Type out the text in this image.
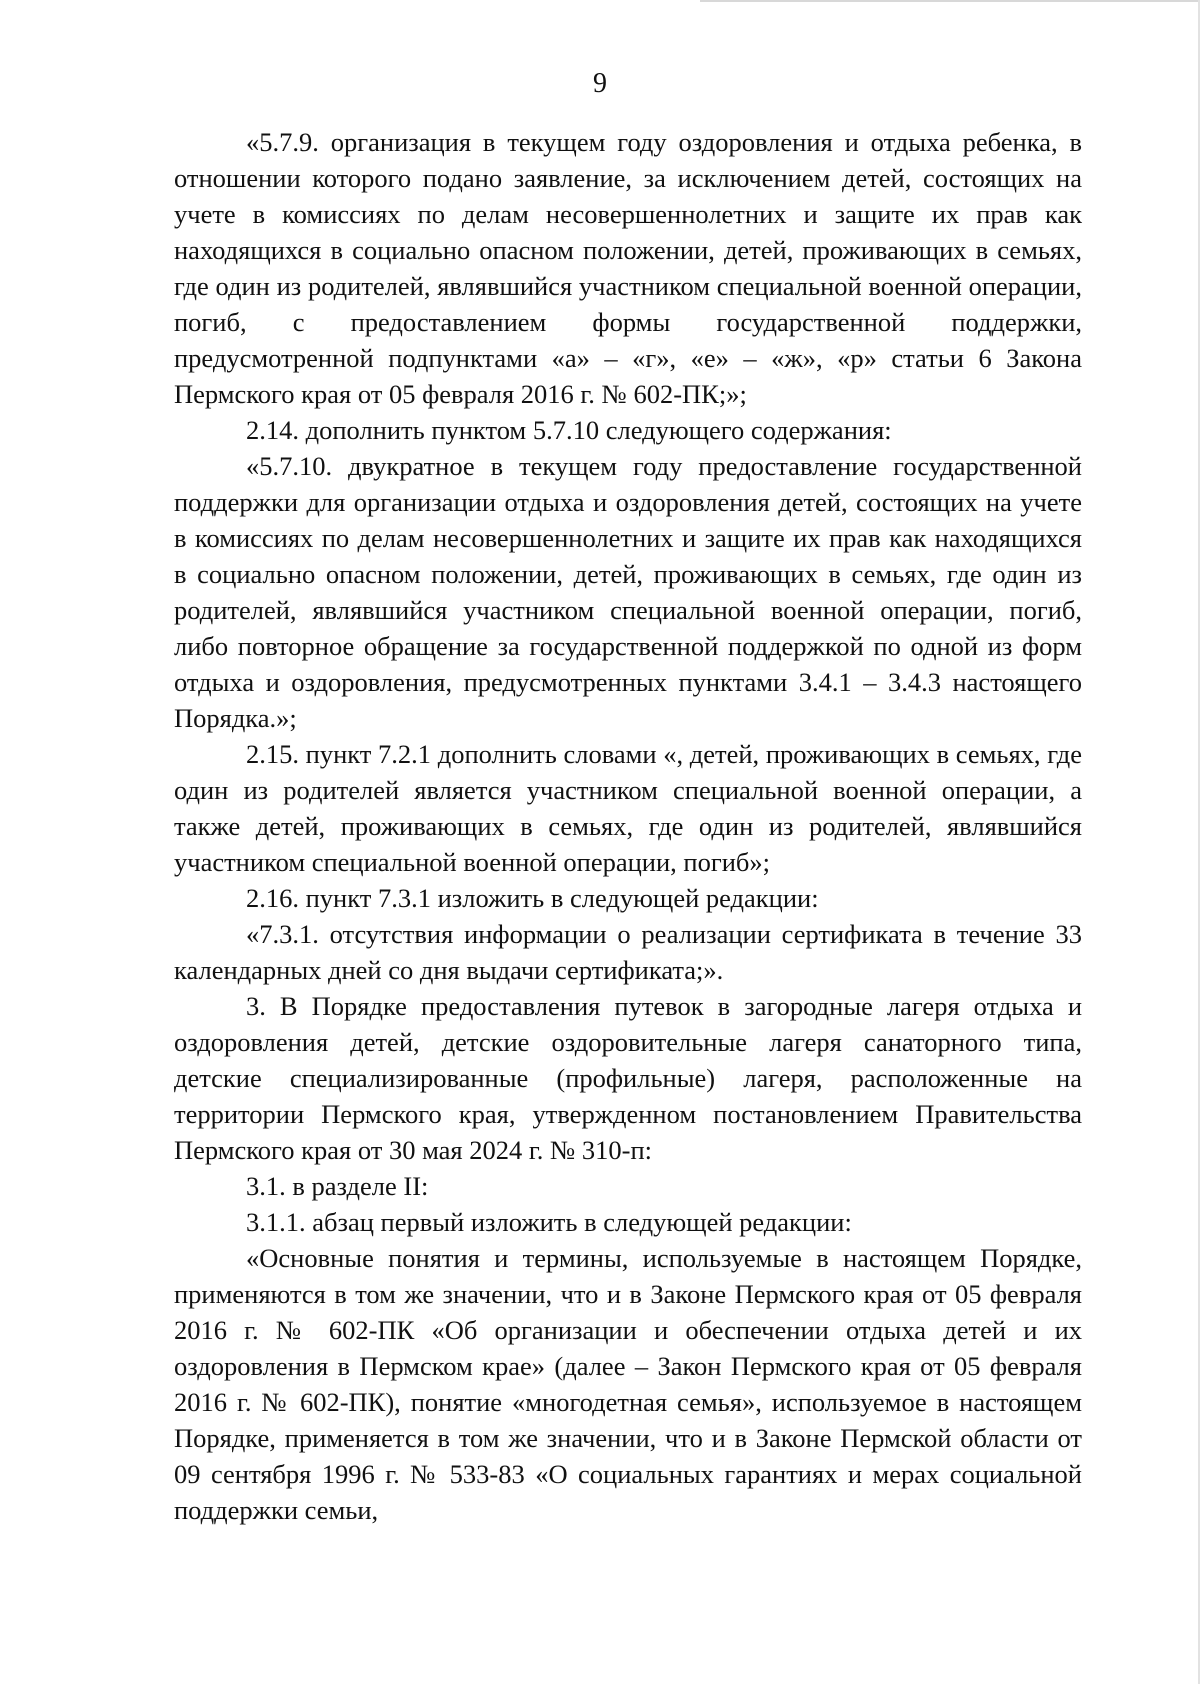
9

«5.7.9. организация в текущем году оздоровления и отдыха ребенка, в отношении которого подано заявление, за исключением детей, состоящих на учете в комиссиях по делам несовершеннолетних и защите их прав как находящихся в социально опасном положении, детей, проживающих в семьях, где один из родителей, являвшийся участником специальной военной операции, погиб, с предоставлением формы государственной поддержки, предусмотренной подпунктами «а» – «г», «е» – «ж», «р» статьи 6 Закона Пермского края от 05 февраля 2016 г. № 602-ПК;»;

2.14. дополнить пунктом 5.7.10 следующего содержания:

«5.7.10. двукратное в текущем году предоставление государственной поддержки для организации отдыха и оздоровления детей, состоящих на учете в комиссиях по делам несовершеннолетних и защите их прав как находящихся в социально опасном положении, детей, проживающих в семьях, где один из родителей, являвшийся участником специальной военной операции, погиб, либо повторное обращение за государственной поддержкой по одной из форм отдыха и оздоровления, предусмотренных пунктами 3.4.1 – 3.4.3 настоящего Порядка.»;

2.15. пункт 7.2.1 дополнить словами «, детей, проживающих в семьях, где один из родителей является участником специальной военной операции, а также детей, проживающих в семьях, где один из родителей, являвшийся участником специальной военной операции, погиб»;

2.16. пункт 7.3.1 изложить в следующей редакции:

«7.3.1. отсутствия информации о реализации сертификата в течение 33 календарных дней со дня выдачи сертификата;».

3. В Порядке предоставления путевок в загородные лагеря отдыха и оздоровления детей, детские оздоровительные лагеря санаторного типа, детские специализированные (профильные) лагеря, расположенные на территории Пермского края, утвержденном постановлением Правительства Пермского края от 30 мая 2024 г. № 310-п:

3.1. в разделе II:

3.1.1. абзац первый изложить в следующей редакции:

«Основные понятия и термины, используемые в настоящем Порядке, применяются в том же значении, что и в Законе Пермского края от 05 февраля 2016 г. № 602-ПК «Об организации и обеспечении отдыха детей и их оздоровления в Пермском крае» (далее – Закон Пермского края от 05 февраля 2016 г. № 602-ПК), понятие «многодетная семья», используемое в настоящем Порядке, применяется в том же значении, что и в Законе Пермской области от 09 сентября 1996 г. № 533-83 «О социальных гарантиях и мерах социальной поддержки семьи,
